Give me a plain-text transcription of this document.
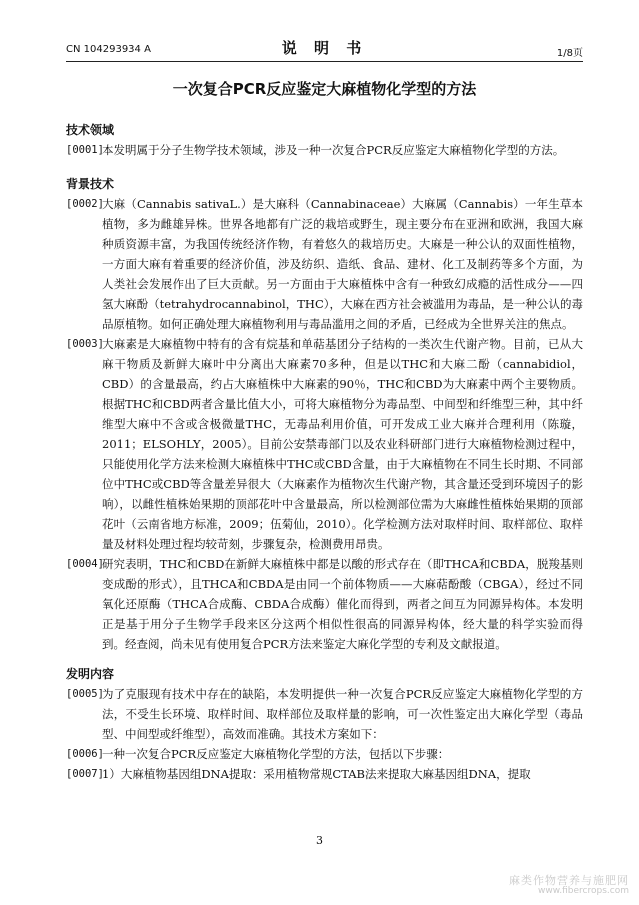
CN 104293934 A	说 明 书	1/8页
一次复合PCR反应鉴定大麻植物化学型的方法

技术领域

[0001]
本发明属于分子生物学技术领域，涉及一种一次复合PCR反应鉴定大麻植物化学型的方法。

背景技术

[0002]
大麻（Cannabis sativaL.）是大麻科（Cannabinaceae）大麻属（Cannabis）一年生草本植物，多为雌雄异株。世界各地都有广泛的栽培或野生，现主要分布在亚洲和欧洲，我国大麻种质资源丰富，为我国传统经济作物，有着悠久的栽培历史。大麻是一种公认的双面性植物，一方面大麻有着重要的经济价值，涉及纺织、造纸、食品、建材、化工及制药等多个方面，为人类社会发展作出了巨大贡献。另一方面由于大麻植株中含有一种致幻成瘾的活性成分——四氢大麻酚（tetrahydrocannabinol，THC），大麻在西方社会被滥用为毒品，是一种公认的毒品原植物。如何正确处理大麻植物利用与毒品滥用之间的矛盾，已经成为全世界关注的焦点。
[0003]
大麻素是大麻植物中特有的含有烷基和单萜基团分子结构的一类次生代谢产物。目前，已从大麻干物质及新鲜大麻叶中分离出大麻素70多种，但是以THC和大麻二酚（cannabidiol，CBD）的含量最高，约占大麻植株中大麻素的90％，THC和CBD为大麻素中两个主要物质。根据THC和CBD两者含量比值大小，可将大麻植物分为毒品型、中间型和纤维型三种，其中纤维型大麻中不含或含极微量THC，无毒品利用价值，可开发成工业大麻并合理利用（陈璇，2011；ELSOHLY，2005）。目前公安禁毒部门以及农业科研部门进行大麻植物检测过程中，只能使用化学方法来检测大麻植株中THC或CBD含量，由于大麻植物在不同生长时期、不同部位中THC或CBD等含量差异很大（大麻素作为植物次生代谢产物，其含量还受到环境因子的影响），以雌性植株始果期的顶部花叶中含量最高，所以检测部位需为大麻雌性植株始果期的顶部花叶（云南省地方标准，2009；伍菊仙，2010）。化学检测方法对取样时间、取样部位、取样量及材料处理过程均较苛刻，步骤复杂，检测费用昂贵。
[0004]
研究表明，THC和CBD在新鲜大麻植株中都是以酸的形式存在（即THCA和CBDA，脱羧基则变成酚的形式），且THCA和CBDA是由同一个前体物质——大麻萜酚酸（CBGA），经过不同氧化还原酶（THCA合成酶、CBDA合成酶）催化而得到，两者之间互为同源异构体。本发明正是基于用分子生物学手段来区分这两个相似性很高的同源异构体，经大量的科学实验而得到。经查阅，尚未见有使用复合PCR方法来鉴定大麻化学型的专利及文献报道。

发明内容

[0005]
为了克服现有技术中存在的缺陷，本发明提供一种一次复合PCR反应鉴定大麻植物化学型的方法，不受生长环境、取样时间、取样部位及取样量的影响，可一次性鉴定出大麻化学型（毒品型、中间型或纤维型），高效而准确。其技术方案如下：
[0006]
一种一次复合PCR反应鉴定大麻植物化学型的方法，包括以下步骤：
[0007]
1）大麻植物基因组DNA提取：采用植物常规CTAB法来提取大麻基因组DNA，提取
3
麻类作物营养与施肥网
www.fibercrops.com
